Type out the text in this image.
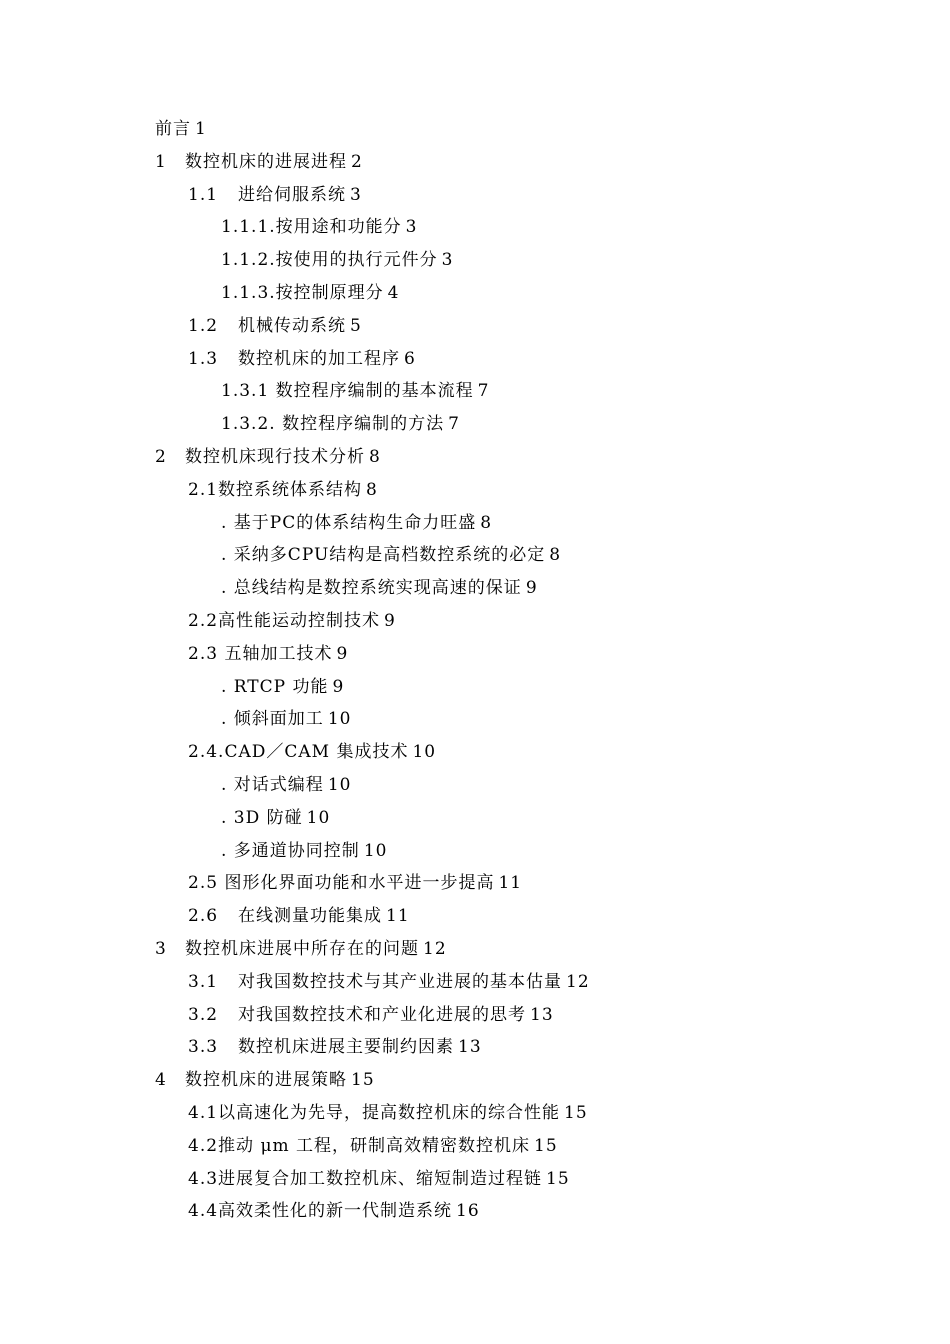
前言 1
1 数控机床的进展进程 2
1.1 进给伺服系统 3
1.1.1.按用途和功能分 3
1.1.2.按使用的执行元件分 3
1.1.3.按控制原理分 4
1.2 机械传动系统 5
1.3 数控机床的加工程序 6
1.3.1 数控程序编制的基本流程 7
1.3.2. 数控程序编制的方法 7
2 数控机床现行技术分析 8
2.1数控系统体系结构 8
. 基于PC的体系结构生命力旺盛 8
. 采纳多CPU结构是高档数控系统的必定 8
. 总线结构是数控系统实现高速的保证 9
2.2高性能运动控制技术 9
2.3 五轴加工技术 9
. RTCP 功能 9
. 倾斜面加工 10
2.4.CAD／CAM 集成技术 10
. 对话式编程 10
. 3D 防碰 10
. 多通道协同控制 10
2.5 图形化界面功能和水平进一步提高 11
2.6 在线测量功能集成 11
3 数控机床进展中所存在的问题 12
3.1 对我国数控技术与其产业进展的基本估量 12
3.2 对我国数控技术和产业化进展的思考 13
3.3 数控机床进展主要制约因素 13
4 数控机床的进展策略 15
4.1以高速化为先导，提高数控机床的综合性能 15
4.2推动 μm 工程，研制高效精密数控机床 15
4.3进展复合加工数控机床、缩短制造过程链 15
4.4高效柔性化的新一代制造系统 16
